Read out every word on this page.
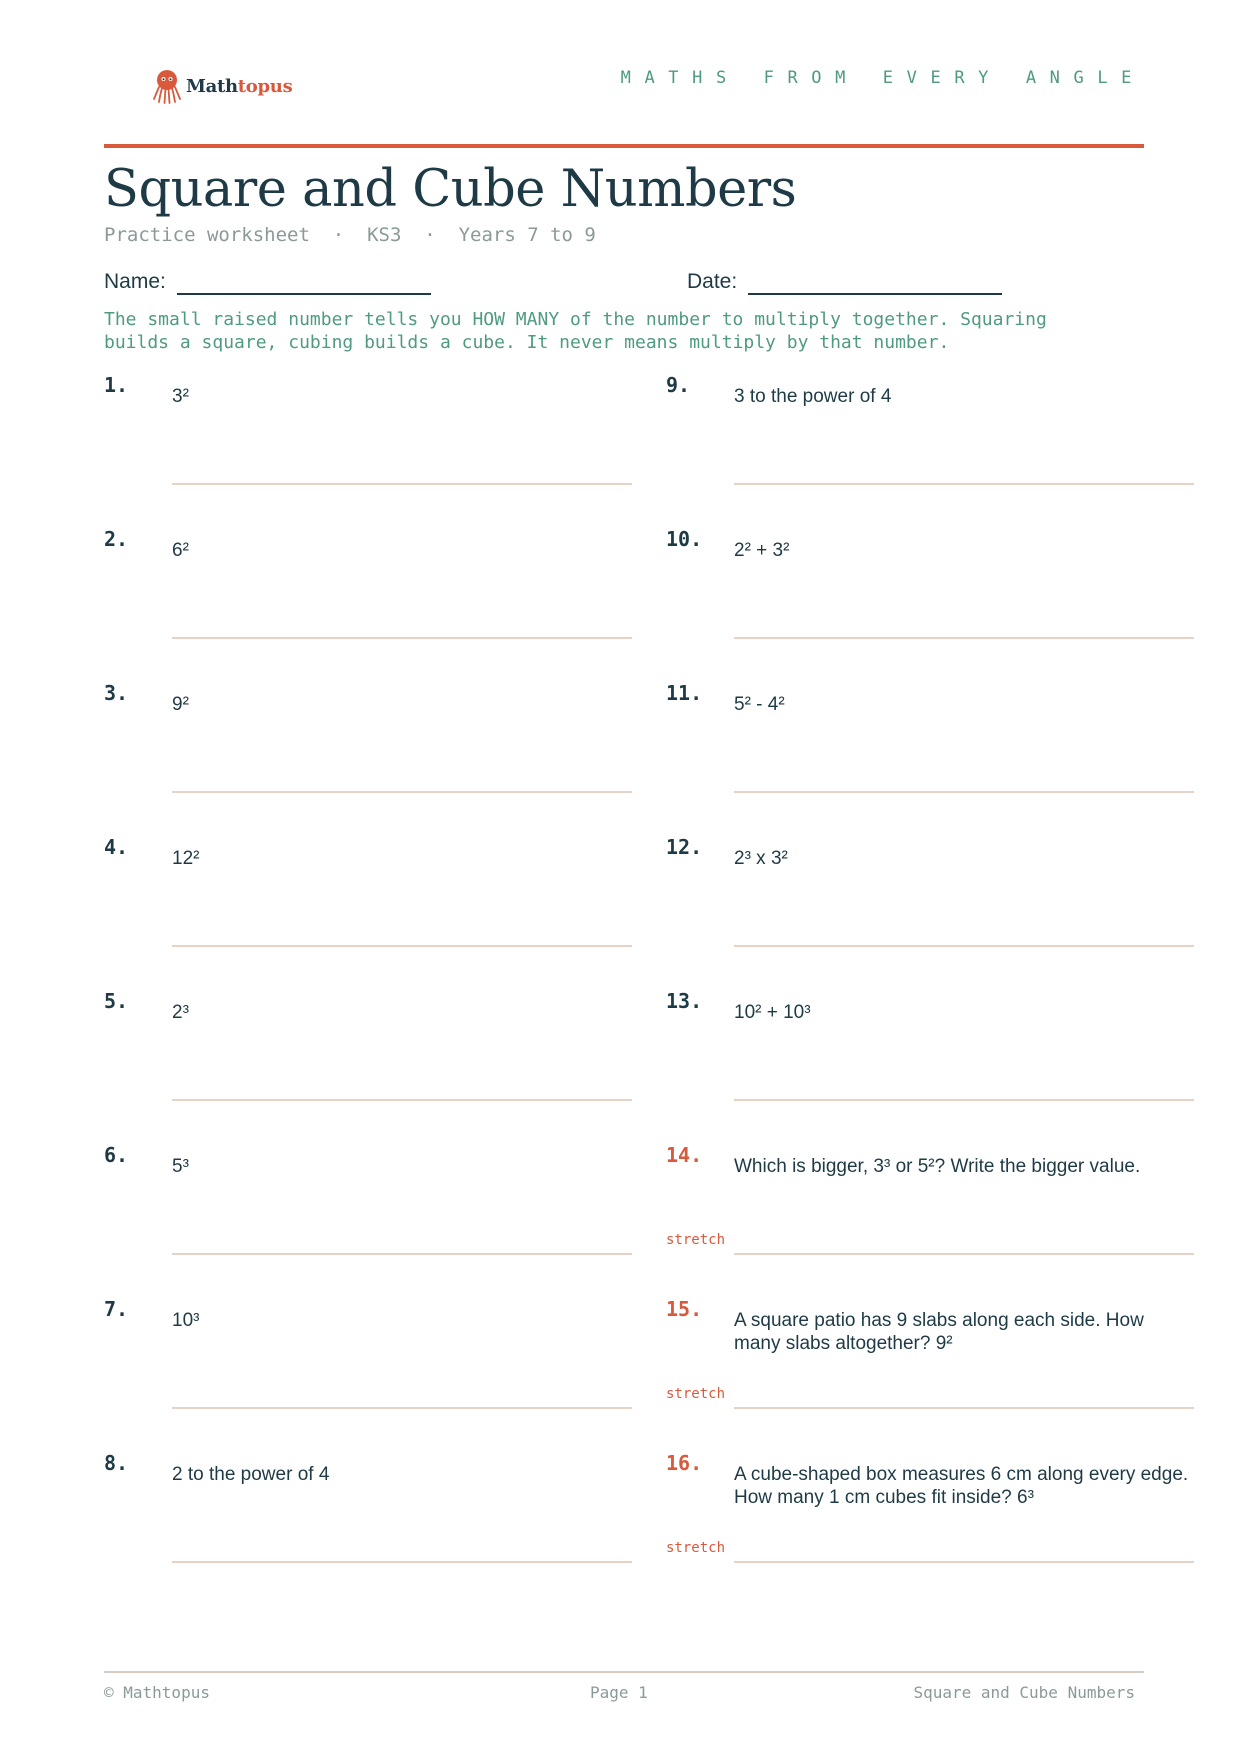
Mathtopus	MATHS FROM EVERY ANGLE
Square and Cube Numbers
Practice worksheet  ·  KS3  ·  Years 7 to 9
Name:	Date:
The small raised number tells you HOW MANY of the number to multiply together. Squaring
builds a square, cubing builds a cube. It never means multiply by that number.
1. 3²
2. 6²
3. 9²
4. 12²
5. 2³
6. 5³
7. 10³
8. 2 to the power of 4
9. 3 to the power of 4
10. 2² + 3²
11. 5² - 4²
12. 2³ x 3²
13. 10² + 10³
14. Which is bigger, 3³ or 5²? Write the bigger value.
stretch
15. A square patio has 9 slabs along each side. How many slabs altogether? 9²
stretch
16. A cube-shaped box measures 6 cm along every edge. How many 1 cm cubes fit inside? 6³
stretch
© Mathtopus	Page 1	Square and Cube Numbers
